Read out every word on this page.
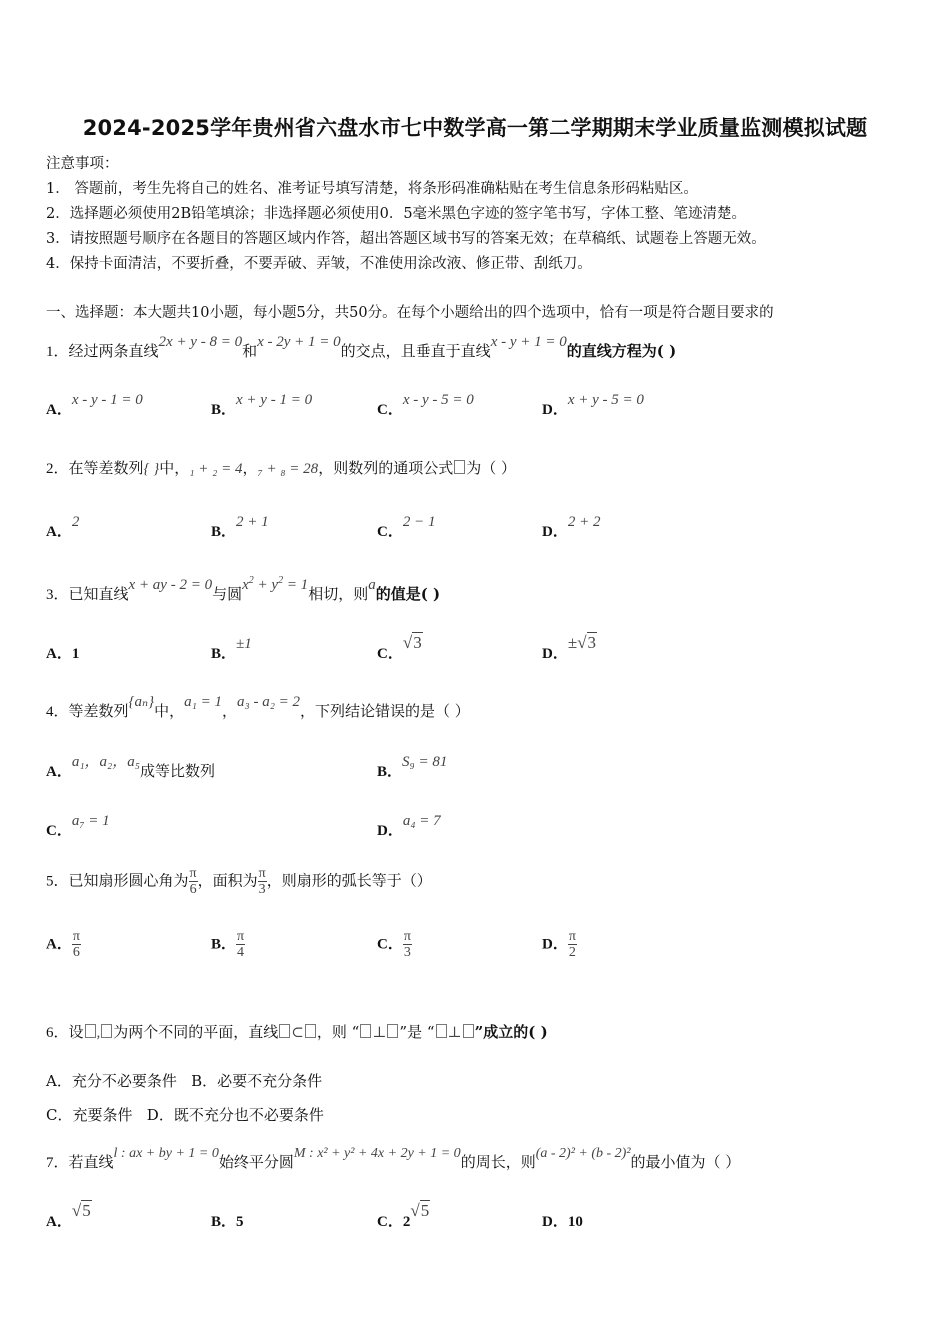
2024-2025学年贵州省六盘水市七中数学高一第二学期期末学业质量监测模拟试题
注意事项：
1． 答题前，考生先将自己的姓名、准考证号填写清楚，将条形码准确粘贴在考生信息条形码粘贴区。
2．选择题必须使用2B铅笔填涂；非选择题必须使用0．5毫米黑色字迹的签字笔书写，字体工整、笔迹清楚。
3．请按照题号顺序在各题目的答题区域内作答，超出答题区域书写的答案无效；在草稿纸、试题卷上答题无效。
4．保持卡面清洁，不要折叠，不要弄破、弄皱，不准使用涂改液、修正带、刮纸刀。
一、选择题：本大题共10小题，每小题5分，共50分。在每个小题给出的四个选项中，恰有一项是符合题目要求的
1．经过两条直线2x + y - 8 = 0和x - 2y + 1 = 0的交点，且垂直于直线x - y + 1 = 0的直线方程为( )
A．x - y - 1 = 0
B．x + y - 1 = 0
C．x - y - 5 = 0
D．x + y - 5 = 0
2．在等差数列{ }中，₁ + ₂ = 4，₇ + ₈ = 28，则数列的通项公式 为（ ）
A．2
B．2 + 1
C．2 − 1
D．2 + 2
3．已知直线x + ay - 2 = 0与圆$x^2 + y^2 = 1$相切，则a的值是( )
A．1	B．±1
C．√3
D．±√3
4．等差数列{aₙ}中，a₁ = 1，a₃ - a₂ = 2，下列结论错误的是（ ）
A．a₁，a₂，a₅成等比数列	B．S₉ = 81
C．a₇ = 1
D．a₄ = 7
5．已知扇形圆心角为 $\frac{\pi}{6}$ ，面积为 $\frac{\pi}{3}$ ，则扇形的弧长等于（）
A． $\frac{\pi}{6}$	B． $\frac{\pi}{4}$	C． $\frac{\pi}{3}$	D． $\frac{\pi}{2}$
6．设 , 为两个不同的平面，直线 ⊂ ，则 “ ⊥ ”是 “ ⊥ ”成立的( )
A．充分不必要条件 B．必要不充分条件
C．充要条件 D．既不充分也不必要条件
7．若直线l : ax + by + 1 = 0始终平分圆M : x² + y² + 4x + 2y + 1 = 0的周长，则(a - 2)² + (b - 2)²的最小值为（ ）
A．√5
B．5	C．2√5
D．10
